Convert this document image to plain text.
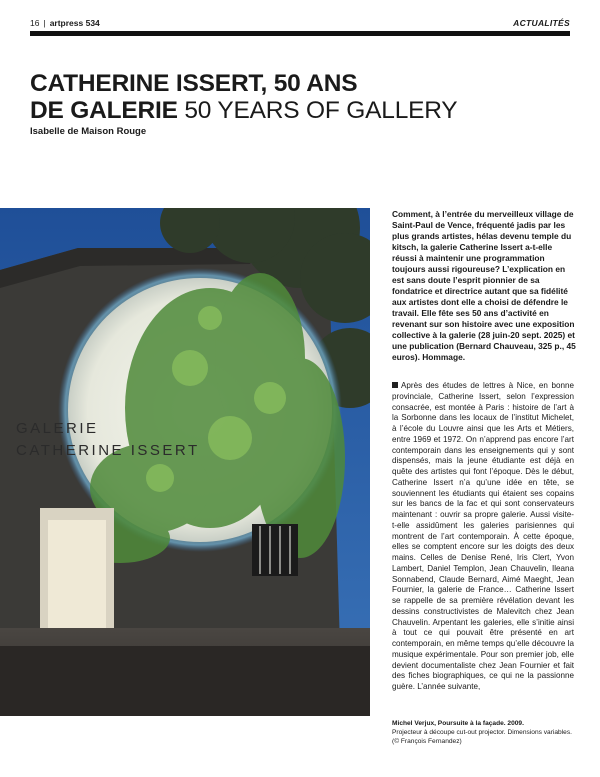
16 | artpress 534	ACTUALITÉS
CATHERINE ISSERT, 50 ANS
DE GALERIE 50 YEARS OF GALLERY
Isabelle de Maison Rouge
GALERIE
CATHERINE ISSERT
Comment, à l’entrée du merveilleux village de Saint-Paul de Vence, fréquenté jadis par les plus grands artistes, hélas devenu temple du kitsch, la galerie Catherine Issert a-t-elle réussi à maintenir une programmation toujours aussi rigoureuse? L’explication en est sans doute l’esprit pionnier de sa fondatrice et directrice autant que sa fidélité aux artistes dont elle a choisi de défendre le travail. Elle fête ses 50 ans d’activité en revenant sur son histoire avec une exposition collective à la galerie (28 juin-20 sept. 2025) et une publication (Bernard Chauveau, 325 p., 45 euros). Hommage.
Après des études de lettres à Nice, en bonne provinciale, Catherine Issert, selon l’expression consacrée, est montée à Paris : histoire de l’art à la Sorbonne dans les locaux de l’institut Michelet, à l’école du Louvre ainsi que les Arts et Métiers, entre 1969 et 1972. On n’apprend pas encore l’art contemporain dans les enseignements qui y sont dispensés, mais la jeune étudiante est déjà en quête des artistes qui font l’époque. Dès le début, Catherine Issert n’a qu’une idée en tête, se souviennent les étudiants qui étaient ses copains sur les bancs de la fac et qui sont conservateurs maintenant : ouvrir sa propre galerie. Aussi visite-t-elle assidûment les galeries parisiennes qui montrent de l’art contemporain. À cette époque, elles se comptent encore sur les doigts des deux mains. Celles de Denise René, Iris Clert, Yvon Lambert, Daniel Templon, Jean Chauvelin, Ileana Sonnabend, Claude Bernard, Aimé Maeght, Jean Fournier, la galerie de France… Catherine Issert se rappelle de sa première révélation devant les dessins constructivistes de Malevitch chez Jean Chauvelin. Arpentant les galeries, elle s’initie ainsi à tout ce qui pouvait être présenté en art contemporain, en même temps qu’elle découvre la musique expérimentale. Pour son premier job, elle devient documentaliste chez Jean Fournier et fait des fiches biographiques, ce qui ne la passionne guère. L’année suivante,
Michel Verjux, Poursuite à la façade. 2009.
Projecteur à découpe cut-out projector. Dimensions variables. (© François Fernandez)
